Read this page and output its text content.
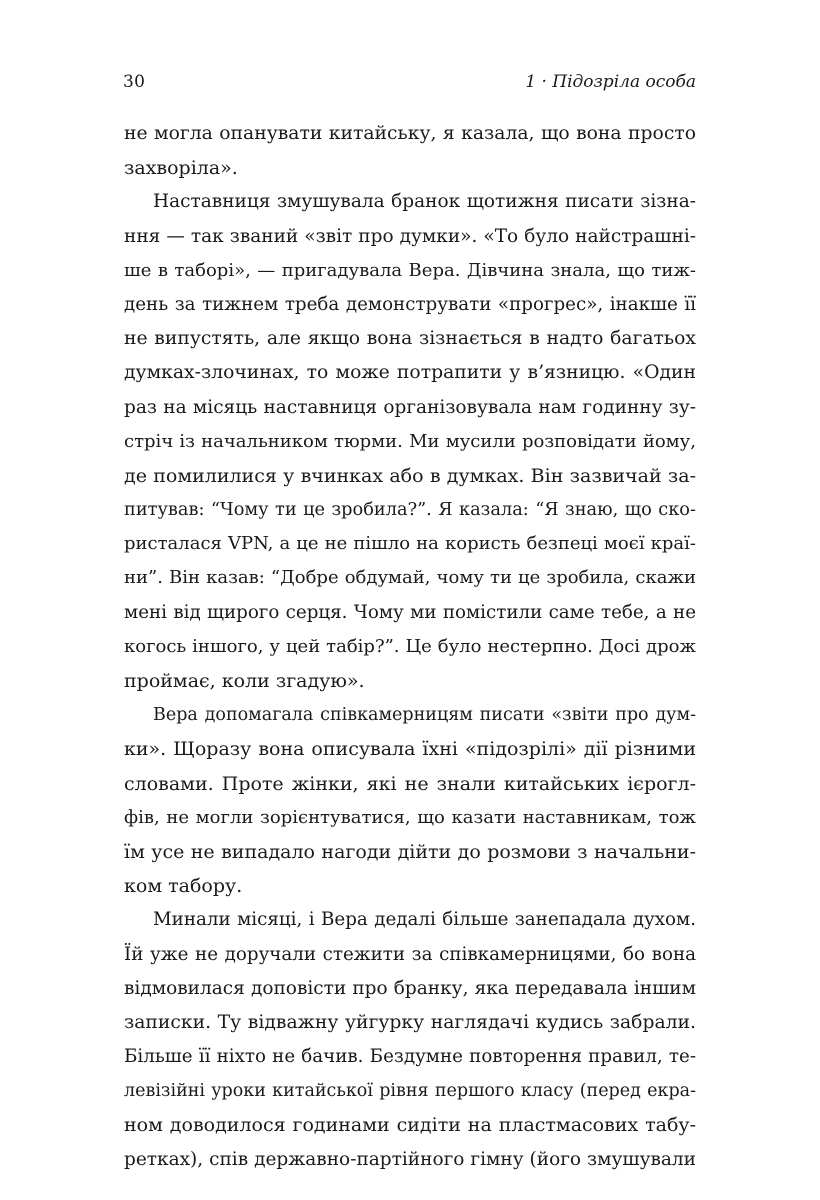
30	1 · Підозріла особа
не могла опанувати китайську, я казала, що вона просто
захворіла».
Наставниця змушувала бранок щотижня писати зізна-
ння — так званий «звіт про думки». «То було найстрашні-
ше в таборі», — пригадувала Вера. Дівчина знала, що тиж-
день за тижнем треба демонструвати «прогрес», інакше її
не випустять, але якщо вона зізнається в надто багатьох
думках-злочинах, то може потрапити у в’язницю. «Один
раз на місяць наставниця організовувала нам годинну зу-
стріч із начальником тюрми. Ми мусили розповідати йому,
де помилилися у вчинках або в думках. Він зазвичай за-
питував: “Чому ти це зробила?”. Я казала: “Я знаю, що ско-
ристалася VPN, а це не пішло на користь безпеці моєї краї-
ни”. Він казав: “Добре обдумай, чому ти це зробила, скажи
мені від щирого серця. Чому ми помістили саме тебе, а не
когось іншого, у цей табір?”. Це було нестерпно. Досі дрож
проймає, коли згадую».
Вера допомагала співкамерницям писати «звіти про дум-
ки». Щоразу вона описувала їхні «підозрілі» дії різними
словами. Проте жінки, які не знали китайських ієрогл-
фів, не могли зорієнтуватися, що казати наставникам, тож
їм усе не випадало нагоди дійти до розмови з начальни-
ком табору.
Минали місяці, і Вера дедалі більше занепадала духом.
Їй уже не доручали стежити за співкамерницями, бо вона
відмовилася доповісти про бранку, яка передавала іншим
записки. Ту відважну уйгурку наглядачі кудись забрали.
Більше її ніхто не бачив. Бездумне повторення правил, те-
левізійні уроки китайської рівня першого класу (перед екра-
ном доводилося годинами сидіти на пластмасових табу-
ретках), спів державно-партійного гімну (його змушували
